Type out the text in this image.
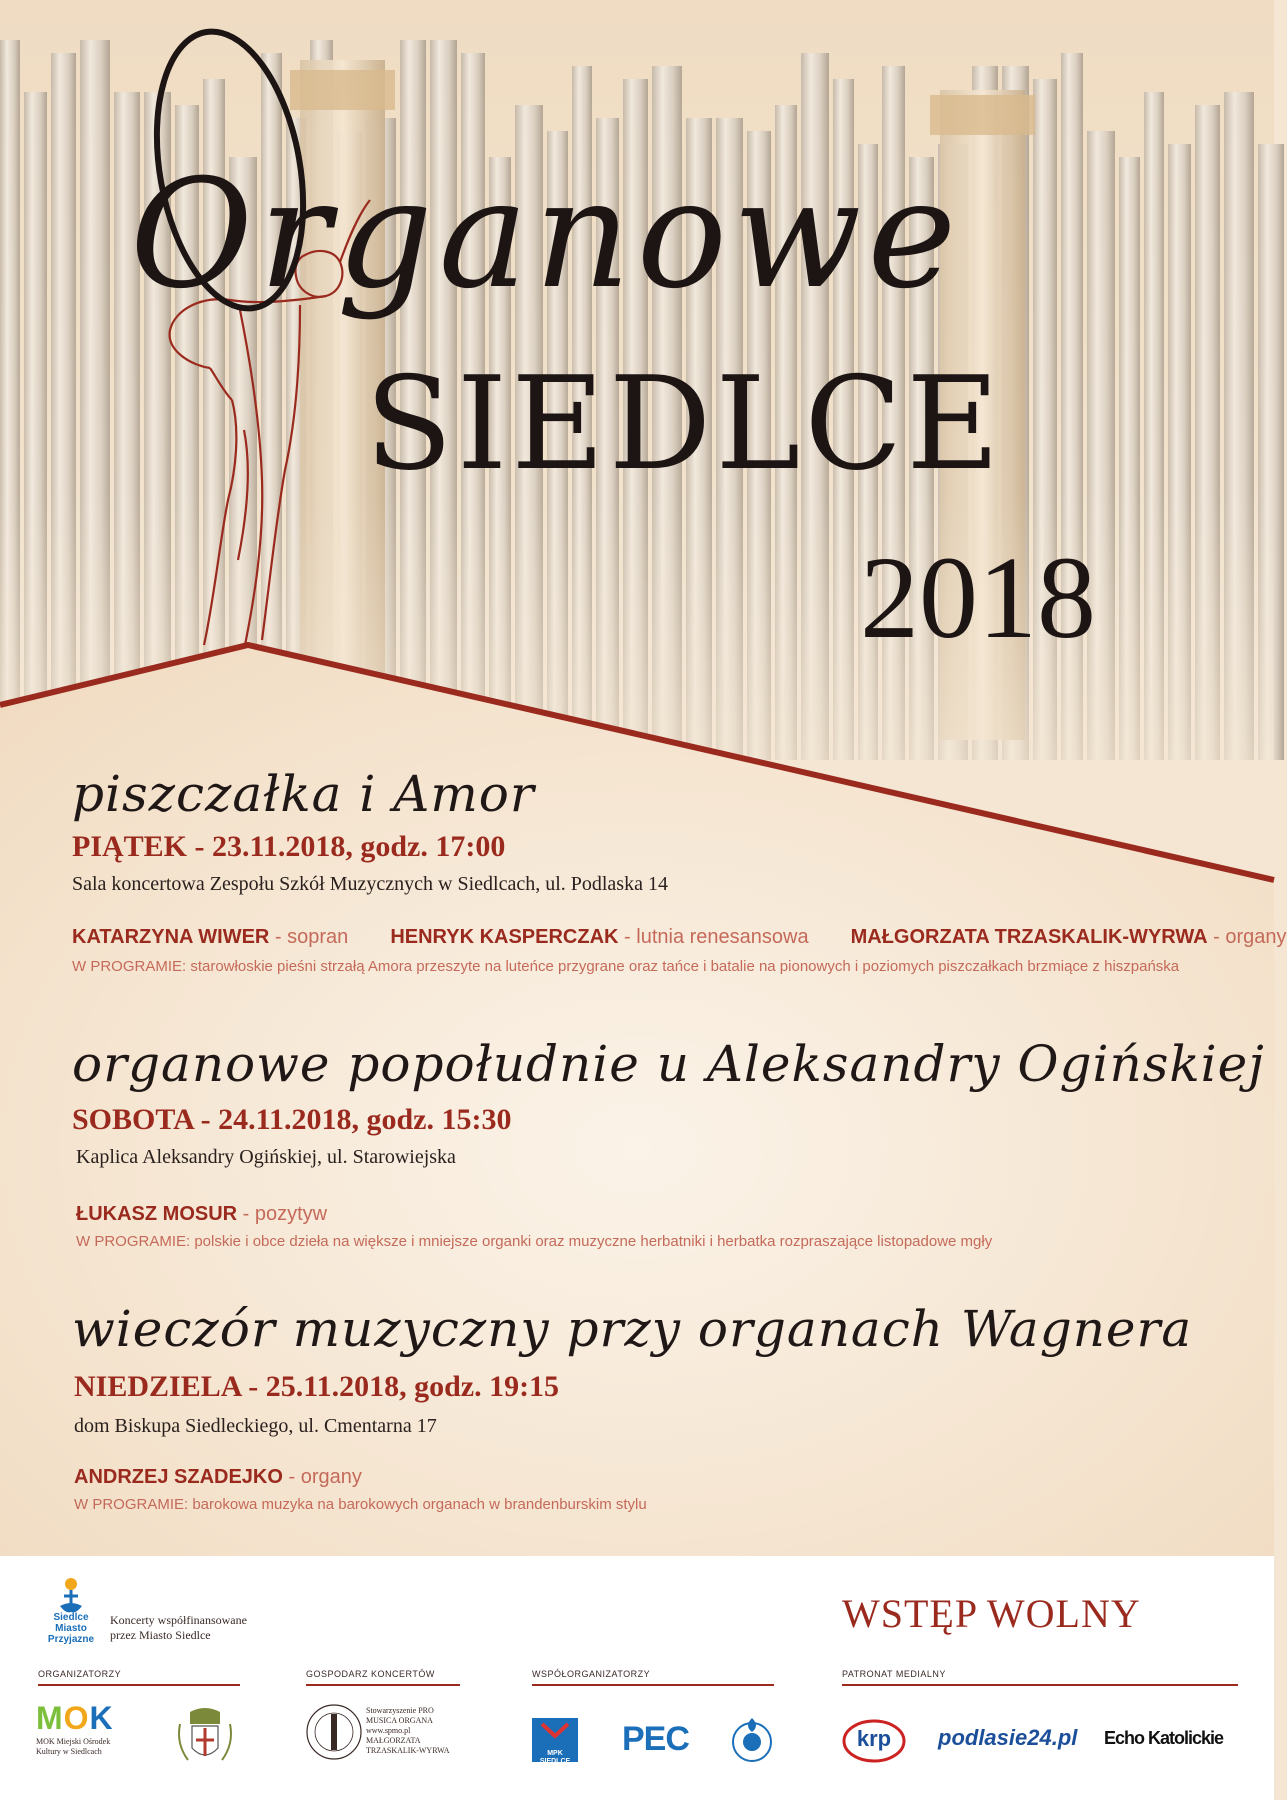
Organowe
SIEDLCE
2018
piszczałka i Amor
PIĄTEK - 23.11.2018, godz. 17:00
Sala koncertowa Zespołu Szkół Muzycznych w Siedlcach, ul. Podlaska 14
KATARZYNA WIWER - sopran HENRYK KASPERCZAK - lutnia renesansowa MAŁGORZATA TRZASKALIK-WYRWA - organy
W PROGRAMIE: starowłoskie pieśni strzałą Amora przeszyte na luteńce przygrane oraz tańce i batalie na pionowych i poziomych piszczałkach brzmiące z hiszpańska
organowe popołudnie u Aleksandry Ogińskiej
SOBOTA - 24.11.2018, godz. 15:30
Kaplica Aleksandry Ogińskiej, ul. Starowiejska
ŁUKASZ MOSUR - pozytyw
W PROGRAMIE: polskie i obce dzieła na większe i mniejsze organki oraz muzyczne herbatniki i herbatka rozpraszające listopadowe mgły
wieczór muzyczny przy organach Wagnera
NIEDZIELA - 25.11.2018, godz. 19:15
dom Biskupa Siedleckiego, ul. Cmentarna 17
ANDRZEJ SZADEJKO - organy
W PROGRAMIE: barokowa muzyka na barokowych organach w brandenburskim stylu
Siedlce Miasto Przyjazne
Koncerty współfinansowane przez Miasto Siedlce	WSTĘP WOLNY
ORGANIZATORZY	GOSPODARZ KONCERTÓW	WSPÓŁORGANIZATORZY	PATRONAT MEDIALNY
MOK
MOK Miejski Ośrodek Kultury w Siedlcach
Stowarzyszenie PRO MUSICA ORGANA www.spmo.pl MAŁGORZATA TRZASKALIK-WYRWA	MPK SIEDLCE
PEC	krp	podlasie24.pl Echo Katolickie
